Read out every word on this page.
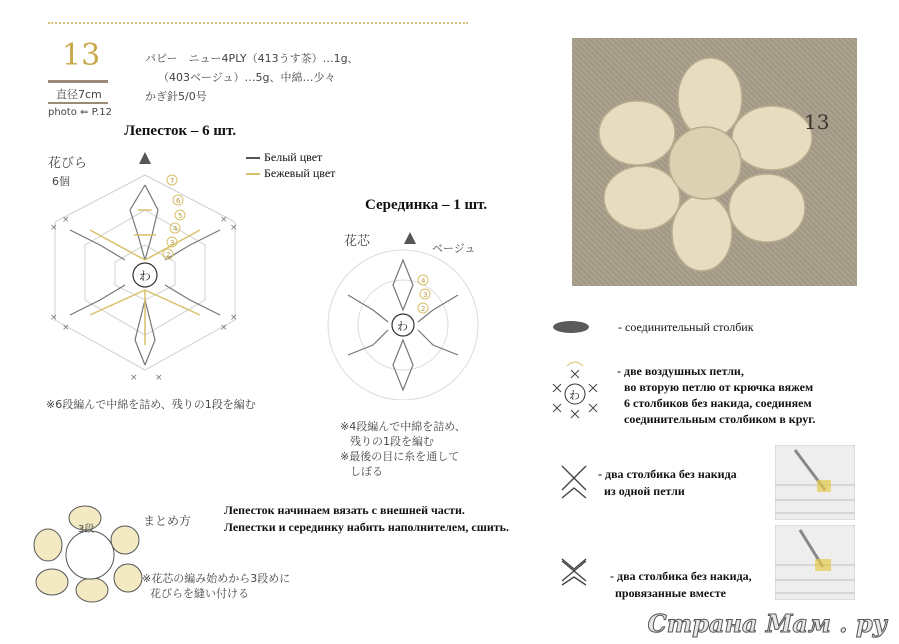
13
直径7cm
photo ⇐ P.12
パピー　ニュー4PLY（413うす茶）…1g、
（403ベージュ）…5g、中綿…少々
かぎ針5/0号
Лепесток – 6 шт.
花びら
6個
Белый цвет
Бежевый цвет
×
×
×
×
×
×
×
×
× ×
わ
7
6
5
4
3
2
※6段編んで中綿を詰め、残りの1段を編む
Серединка – 1 шт.
花芯	ベージュ
わ
4
3
2
※4段編んで中綿を詰め、
残りの1段を編む
※最後の目に糸を通して
しぼる
3段
まとめ方
※花芯の編み始めから3段めに
花びらを縫い付ける
Лепесток начинаем вязать с внешней части.
Лепестки и серединку набить наполнителем, сшить.
13
- соединительный столбик
わ
- две воздушных петли,
во вторую петлю от крючка вяжем
6 столбиков без накида, соединяем
соединительным столбиком в круг.
- два столбика без накида
из одной петли
- два столбика без накида,
провязанные вместе
Страна Мам . ру
